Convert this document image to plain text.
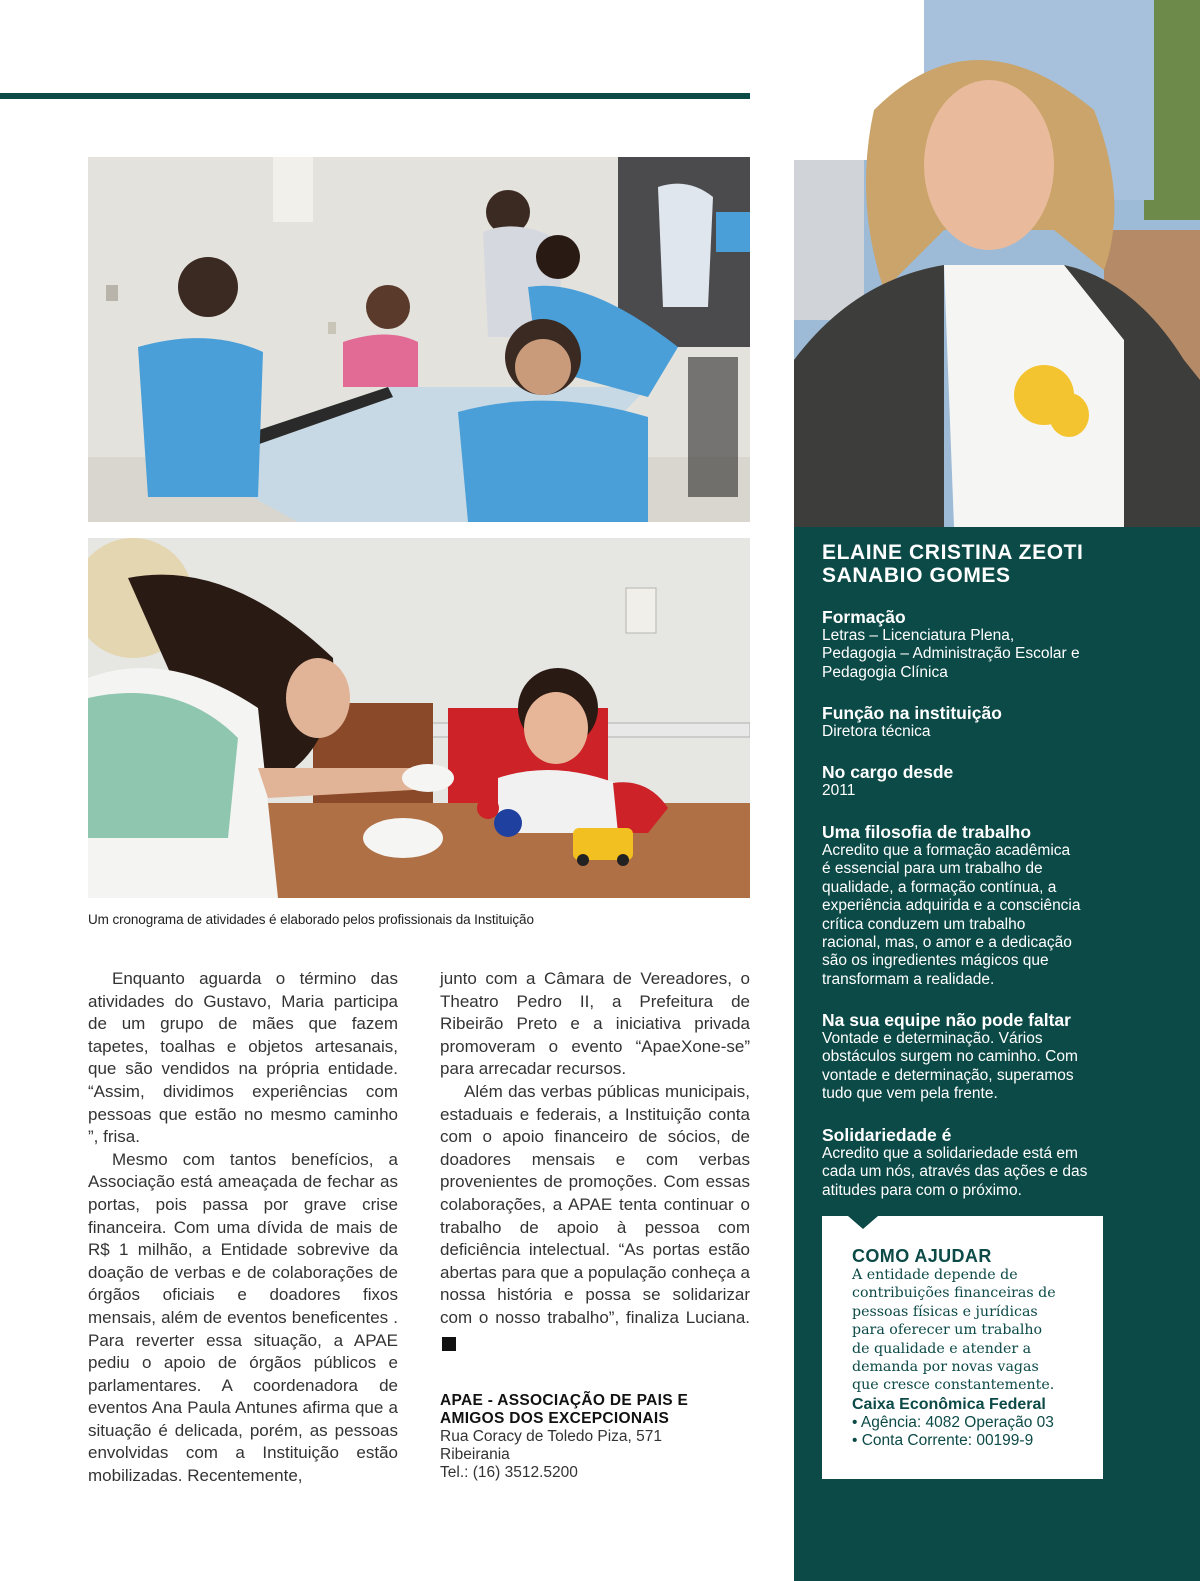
Um cronograma de atividades é elaborado pelos profissionais da Instituição

Enquanto aguarda o término das atividades do Gustavo, Maria participa de um grupo de mães que fazem tapetes, toalhas e objetos artesanais, que são vendidos na própria entidade. “Assim, dividimos experiências com pessoas que estão no mesmo caminho ”, frisa.

Mesmo com tantos benefícios, a Associação está ameaçada de fechar as portas, pois passa por grave crise financeira. Com uma dívida de mais de R$ 1 milhão, a Entidade sobrevive da doação de verbas e de colaborações de órgãos oficiais e doadores fixos mensais, além de eventos beneficentes . Para reverter essa situação, a APAE pediu o apoio de órgãos públicos e parlamentares. A coordenadora de eventos Ana Paula Antunes afirma que a situação é delicada, porém, as pessoas envolvidas com a Instituição estão mobilizadas. Recentemente,

junto com a Câmara de Vereadores, o Theatro Pedro II, a Prefeitura de Ribeirão Preto e a iniciativa privada promoveram o evento “ApaeXone-se” para arrecadar recursos.

Além das verbas públicas municipais, estaduais e federais, a Instituição conta com o apoio financeiro de sócios, de doadores mensais e com verbas provenientes de promoções. Com essas colaborações, a APAE tenta continuar o trabalho de apoio à pessoa com deficiência intelectual. “As portas estão abertas para que a população conheça a nossa história e possa se solidarizar com o nosso trabalho”, finaliza Luciana. r

APAE - ASSOCIAÇÃO DE PAIS E
AMIGOS DOS EXCEPCIONAIS
Rua Coracy de Toledo Piza, 571
Ribeirania
Tel.: (16) 3512.5200
ELAINE CRISTINA ZEOTI
SANABIO GOMES
Formação

Letras – Licenciatura Plena,

Pedagogia – Administração Escolar e

Pedagogia Clínica

Função na instituição

Diretora técnica

No cargo desde

2011

Uma filosofia de trabalho

Acredito que a formação acadêmica

é essencial para um trabalho de

qualidade, a formação contínua, a

experiência adquirida e a consciência

crítica conduzem um trabalho

racional, mas, o amor e a dedicação

são os ingredientes mágicos que

transformam a realidade.

Na sua equipe não pode faltar

Vontade e determinação. Vários

obstáculos surgem no caminho. Com

vontade e determinação, superamos

tudo que vem pela frente.

Solidariedade é

Acredito que a solidariedade está em

cada um nós, através das ações e das

atitudes para com o próximo.

COMO AJUDAR

A entidade depende de

contribuições financeiras de

pessoas físicas e jurídicas

para oferecer um trabalho

de qualidade e atender a

demanda por novas vagas

que cresce constantemente.

Caixa Econômica Federal

• Agência: 4082 Operação 03

• Conta Corrente: 00199-9
